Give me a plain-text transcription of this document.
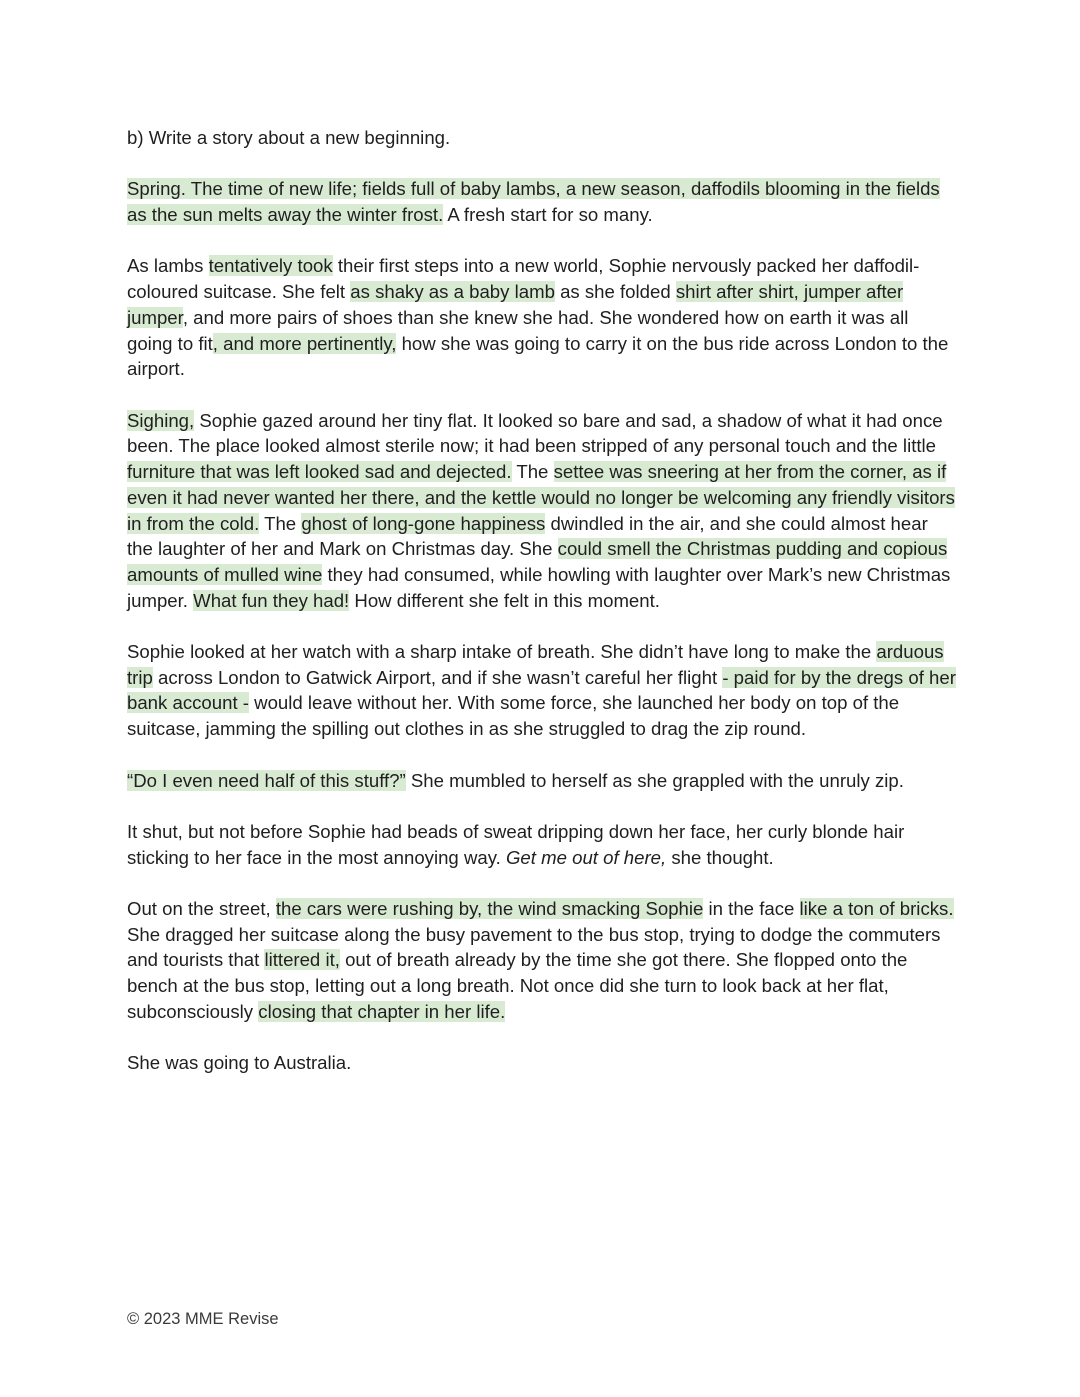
b) Write a story about a new beginning.

Spring. The time of new life; fields full of baby lambs, a new season, daffodils blooming in the fields as the sun melts away the winter frost. A fresh start for so many.

As lambs tentatively took their first steps into a new world, Sophie nervously packed her daffodil-coloured suitcase. She felt as shaky as a baby lamb as she folded shirt after shirt, jumper after jumper, and more pairs of shoes than she knew she had. She wondered how on earth it was all going to fit, and more pertinently, how she was going to carry it on the bus ride across London to the airport.

Sighing, Sophie gazed around her tiny flat. It looked so bare and sad, a shadow of what it had once been. The place looked almost sterile now; it had been stripped of any personal touch and the little furniture that was left looked sad and dejected. The settee was sneering at her from the corner, as if even it had never wanted her there, and the kettle would no longer be welcoming any friendly visitors in from the cold. The ghost of long-gone happiness dwindled in the air, and she could almost hear the laughter of her and Mark on Christmas day. She could smell the Christmas pudding and copious amounts of mulled wine they had consumed, while howling with laughter over Mark’s new Christmas jumper. What fun they had! How different she felt in this moment.

Sophie looked at her watch with a sharp intake of breath. She didn’t have long to make the arduous trip across London to Gatwick Airport, and if she wasn’t careful her flight - paid for by the dregs of her bank account - would leave without her. With some force, she launched her body on top of the suitcase, jamming the spilling out clothes in as she struggled to drag the zip round.

“Do I even need half of this stuff?” She mumbled to herself as she grappled with the unruly zip.

It shut, but not before Sophie had beads of sweat dripping down her face, her curly blonde hair sticking to her face in the most annoying way. Get me out of here, she thought.

Out on the street, the cars were rushing by, the wind smacking Sophie in the face like a ton of bricks. She dragged her suitcase along the busy pavement to the bus stop, trying to dodge the commuters and tourists that littered it, out of breath already by the time she got there. She flopped onto the bench at the bus stop, letting out a long breath. Not once did she turn to look back at her flat, subconsciously closing that chapter in her life.

She was going to Australia.

© 2023 MME Revise
